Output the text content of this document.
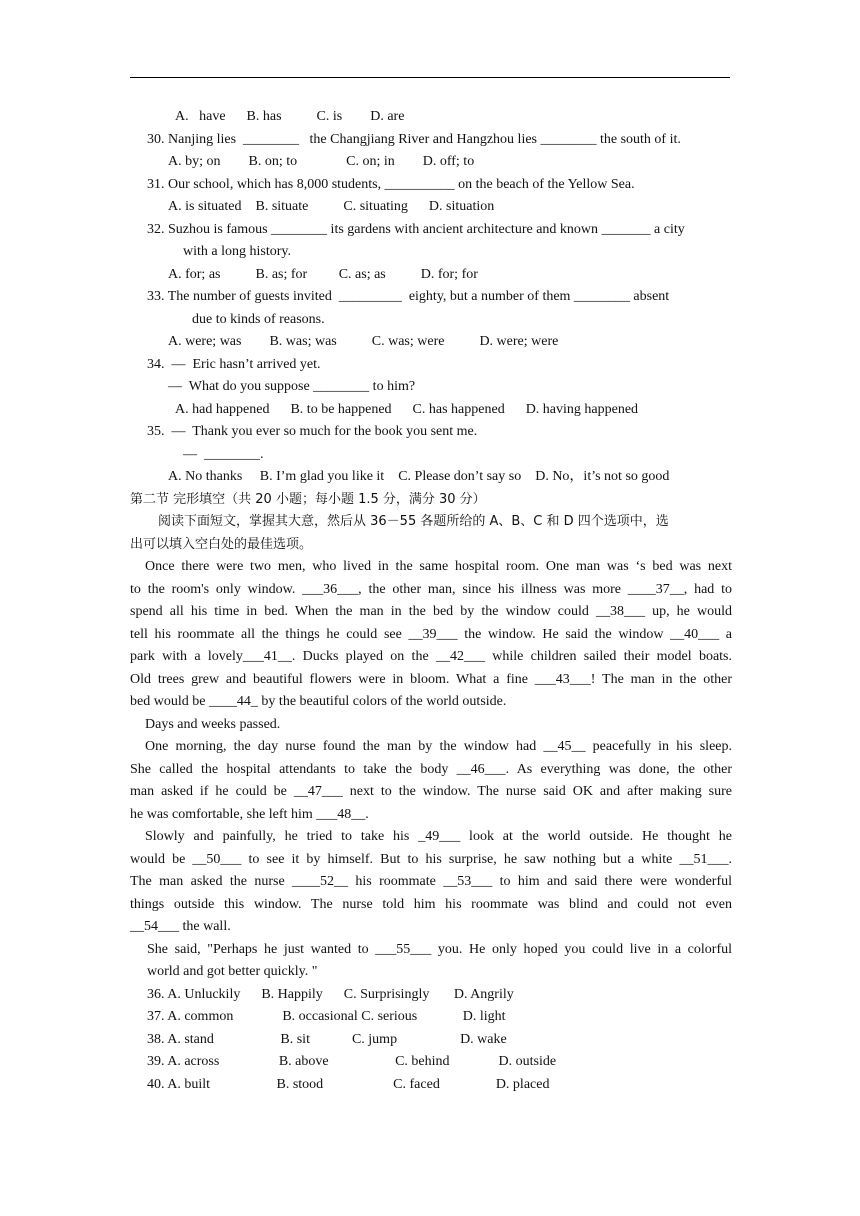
A.   have      B. has          C. is        D. are
30. Nanjing lies  ________   the Changjiang River and Hangzhou lies ________ the south of it.
A. by; on        B. on; to              C. on; in        D. off; to
31. Our school, which has 8,000 students, __________ on the beach of the Yellow Sea.
A. is situated    B. situate          C. situating      D. situation
32. Suzhou is famous ________ its gardens with ancient architecture and known _______ a city
with a long history.
A. for; as          B. as; for         C. as; as          D. for; for
33. The number of guests invited  _________  eighty, but a number of them ________ absent
due to kinds of reasons.
A. were; was        B. was; was          C. was; were          D. were; were
34.  —  Eric hasn’t arrived yet.
—  What do you suppose ________ to him?
A. had happened      B. to be happened      C. has happened      D. having happened
35.  —  Thank you ever so much for the book you sent me.
—  ________.
A. No thanks     B. I’m glad you like it    C. Please don’t say so    D. No，it’s not so good
第二节 完形填空（共 20 小题；每小题 1.5 分，满分 30 分）
阅读下面短文，掌握其大意，然后从 36－55 各题所给的 A、B、C 和 D 四个选项中，选
出可以填入空白处的最佳选项。
Once there were two men, who lived in the same hospital room. One man was ‘s bed was next
to the room's only window. ___36___, the other man, since his illness was more ____37__, had to
spend all his time in bed. When the man in the bed by the window could __38___ up, he would
tell his roommate all the things he could see __39___ the window. He said the window __40___ a
park with a lovely___41__. Ducks played on the __42___ while children sailed their model boats.
Old trees grew and beautiful flowers were in bloom. What a fine ___43___! The man in the other
bed would be ____44_ by the beautiful colors of the world outside.
Days and weeks passed.
One morning, the day nurse found the man by the window had __45__ peacefully in his sleep.
She called the hospital attendants to take the body __46___. As everything was done, the other
man asked if he could be __47___ next to the window. The nurse said OK and after making sure
he was comfortable, she left him ___48__.
Slowly and painfully, he tried to take his _49___ look at the world outside. He thought he
would be __50___ to see it by himself. But to his surprise, he saw nothing but a white __51___.
The man asked the nurse ____52__ his roommate __53___ to him and said there were wonderful
things outside this window. The nurse told him his roommate was blind and could not even
__54___ the wall.
She said, "Perhaps he just wanted to ___55___ you. He only hoped you could live in a colorful
world and got better quickly. "
36. A. Unluckily      B. Happily      C. Surprisingly       D. Angrily
37. A. common              B. occasional C. serious             D. light
38. A. stand                   B. sit            C. jump                  D. wake
39. A. across                 B. above                   C. behind              D. outside
40. A. built                   B. stood                    C. faced                D. placed
